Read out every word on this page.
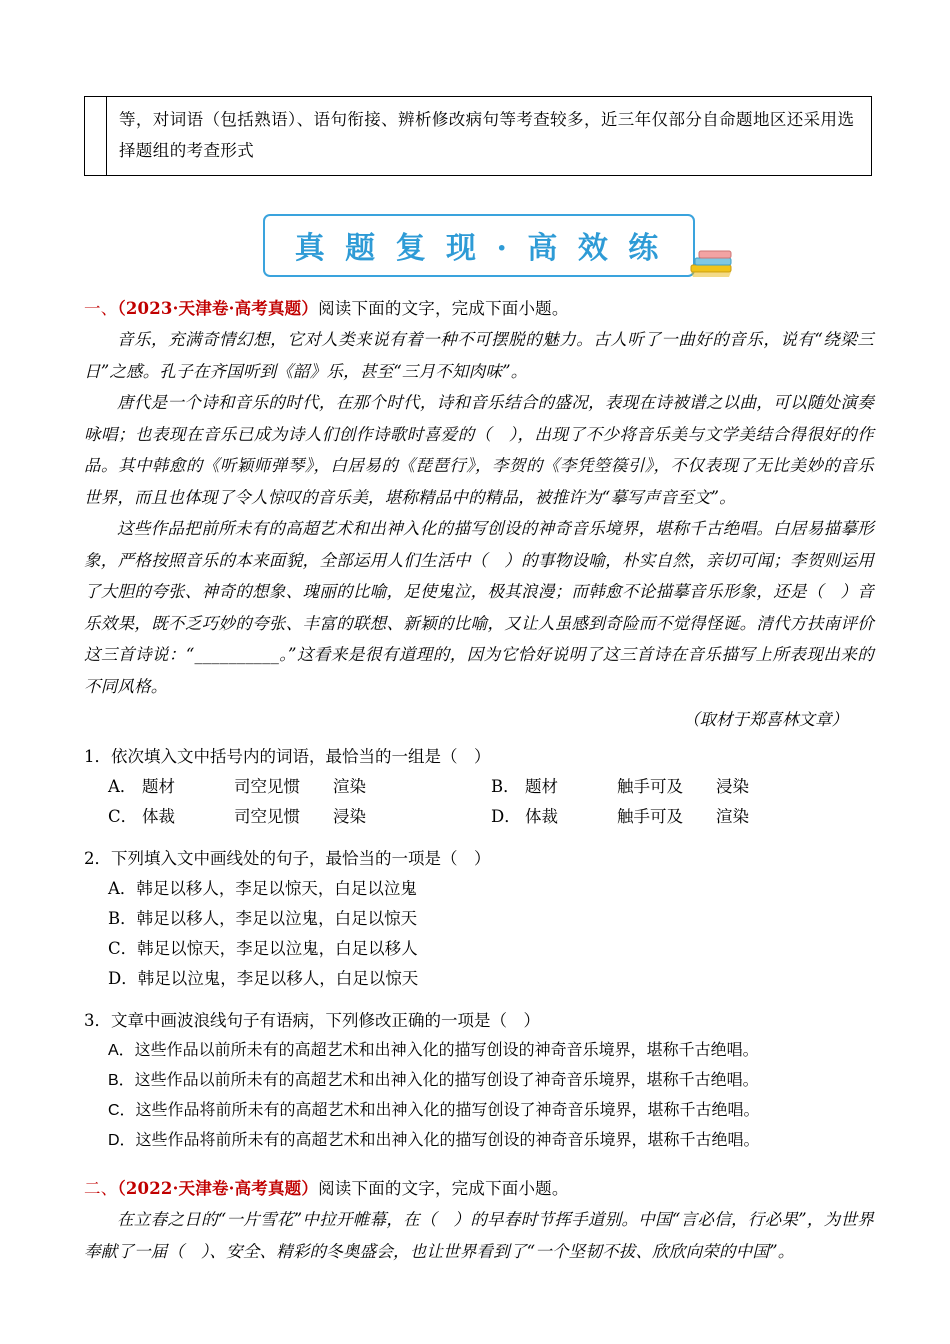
等，对词语（包括熟语）、语句衔接、辨析修改病句等考查较多，近三年仅部分自命题地区还采用选择题组的考查形式

真 题 复 现 · 高 效 练
一、（2023·天津卷·高考真题）阅读下面的文字，完成下面小题。

音乐，充满奇情幻想，它对人类来说有着一种不可摆脱的魅力。古人听了一曲好的音乐，说有“绕梁三日”之感。孔子在齐国听到《韶》乐，甚至“三月不知肉味”。

唐代是一个诗和音乐的时代，在那个时代，诗和音乐结合的盛况，表现在诗被谱之以曲，可以随处演奏咏唱；也表现在音乐已成为诗人们创作诗歌时喜爱的（　），出现了不少将音乐美与文学美结合得很好的作品。其中韩愈的《听颖师弹琴》，白居易的《琵琶行》，李贺的《李凭箜篌引》，不仅表现了无比美妙的音乐世界，而且也体现了令人惊叹的音乐美，堪称精品中的精品，被推许为“摹写声音至文”。

这些作品把前所未有的高超艺术和出神入化的描写创设的神奇音乐境界，堪称千古绝唱。白居易描摹形象，严格按照音乐的本来面貌，全部运用人们生活中（　）的事物设喻，朴实自然，亲切可闻；李贺则运用了大胆的夸张、神奇的想象、瑰丽的比喻，足使鬼泣，极其浪漫；而韩愈不论描摹音乐形象，还是（　）音乐效果，既不乏巧妙的夸张、丰富的联想、新颖的比喻，又让人虽感到奇险而不觉得怪诞。清代方扶南评价这三首诗说：“__________。”这看来是很有道理的，因为它恰好说明了这三首诗在音乐描写上所表现出来的不同风格。

（取材于郑喜林文章）

1．依次填入文中括号内的词语，最恰当的一组是（　）
A． 题材	司空见惯　　渲染	B． 题材	触手可及　　浸染
C． 体裁	司空见惯　　浸染	D． 体裁	触手可及　　渲染
2．下列填入文中画线处的句子，最恰当的一项是（　）
A．韩足以移人，李足以惊天，白足以泣鬼
B．韩足以移人，李足以泣鬼，白足以惊天
C．韩足以惊天，李足以泣鬼，白足以移人
D．韩足以泣鬼，李足以移人，白足以惊天
3．文章中画波浪线句子有语病，下列修改正确的一项是（　）
A．这些作品以前所未有的高超艺术和出神入化的描写创设的神奇音乐境界，堪称千古绝唱。
B．这些作品以前所未有的高超艺术和出神入化的描写创设了神奇音乐境界，堪称千古绝唱。
C．这些作品将前所未有的高超艺术和出神入化的描写创设了神奇音乐境界，堪称千古绝唱。
D．这些作品将前所未有的高超艺术和出神入化的描写创设的神奇音乐境界，堪称千古绝唱。
二、（2022·天津卷·高考真题）阅读下面的文字，完成下面小题。

在立春之日的“一片雪花”中拉开帷幕，在（　）的早春时节挥手道别。中国“言必信，行必果”，为世界奉献了一届（　）、安全、精彩的冬奥盛会，也让世界看到了“一个坚韧不拔、欣欣向荣的中国”。
